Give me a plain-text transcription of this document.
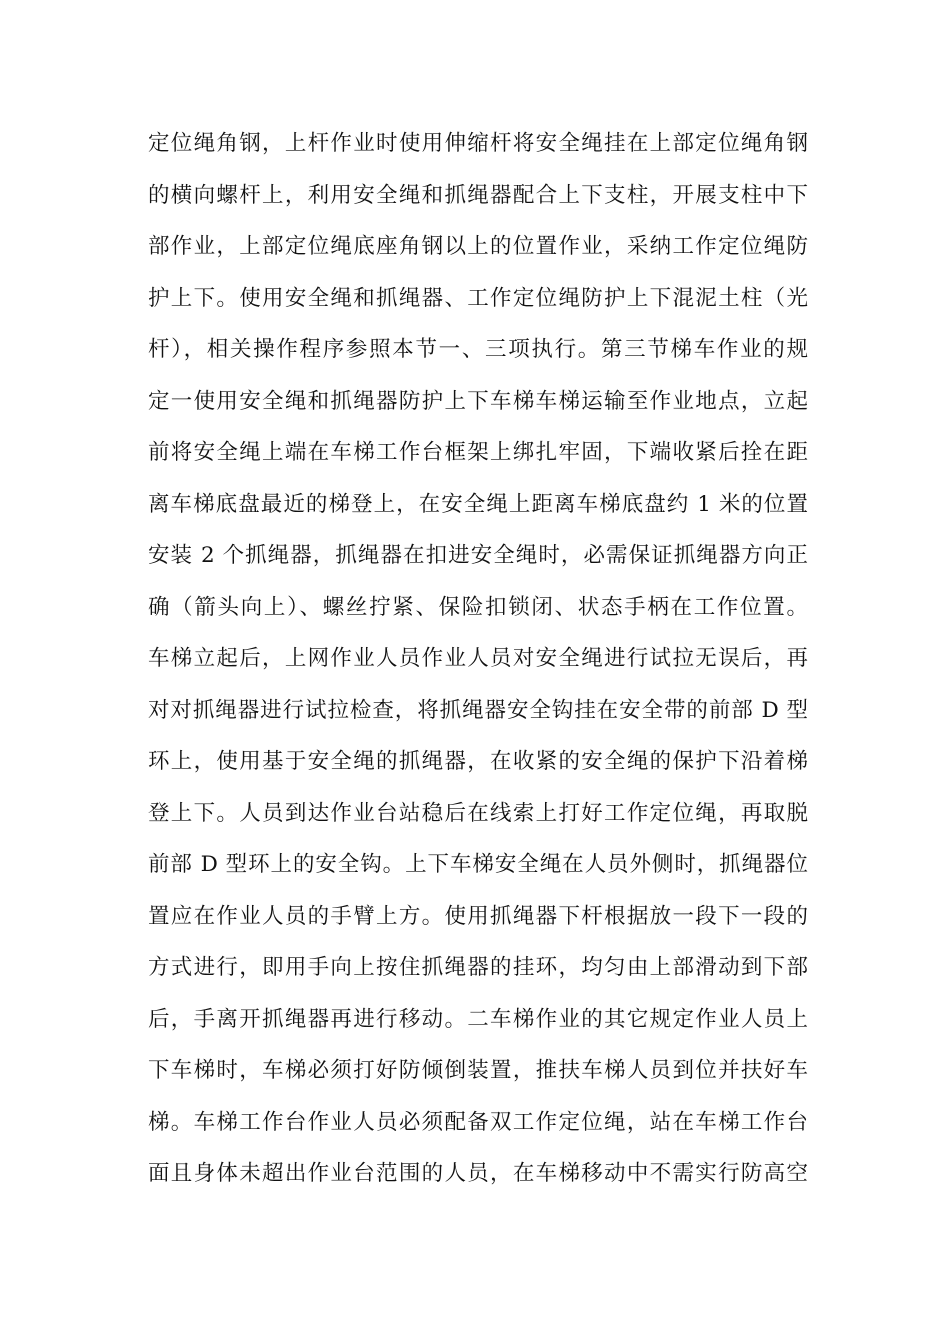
定位绳角钢，上杆作业时使用伸缩杆将安全绳挂在上部定位绳角钢
的横向螺杆上，利用安全绳和抓绳器配合上下支柱，开展支柱中下
部作业，上部定位绳底座角钢以上的位置作业，采纳工作定位绳防
护上下。使用安全绳和抓绳器、工作定位绳防护上下混泥土柱（光
杆），相关操作程序参照本节一、三项执行。第三节梯车作业的规
定一使用安全绳和抓绳器防护上下车梯车梯运输至作业地点，立起
前将安全绳上端在车梯工作台框架上绑扎牢固，下端收紧后拴在距
离车梯底盘最近的梯登上，在安全绳上距离车梯底盘约 1 米的位置
安装 2 个抓绳器，抓绳器在扣进安全绳时，必需保证抓绳器方向正
确（箭头向上）、螺丝拧紧、保险扣锁闭、状态手柄在工作位置。
车梯立起后，上网作业人员作业人员对安全绳进行试拉无误后，再
对对抓绳器进行试拉检查，将抓绳器安全钩挂在安全带的前部 D 型
环上，使用基于安全绳的抓绳器，在收紧的安全绳的保护下沿着梯
登上下。人员到达作业台站稳后在线索上打好工作定位绳，再取脱
前部 D 型环上的安全钩。上下车梯安全绳在人员外侧时，抓绳器位
置应在作业人员的手臂上方。使用抓绳器下杆根据放一段下一段的
方式进行，即用手向上按住抓绳器的挂环，均匀由上部滑动到下部
后，手离开抓绳器再进行移动。二车梯作业的其它规定作业人员上
下车梯时，车梯必须打好防倾倒装置，推扶车梯人员到位并扶好车
梯。车梯工作台作业人员必须配备双工作定位绳，站在车梯工作台
面且身体未超出作业台范围的人员，在车梯移动中不需实行防高空
